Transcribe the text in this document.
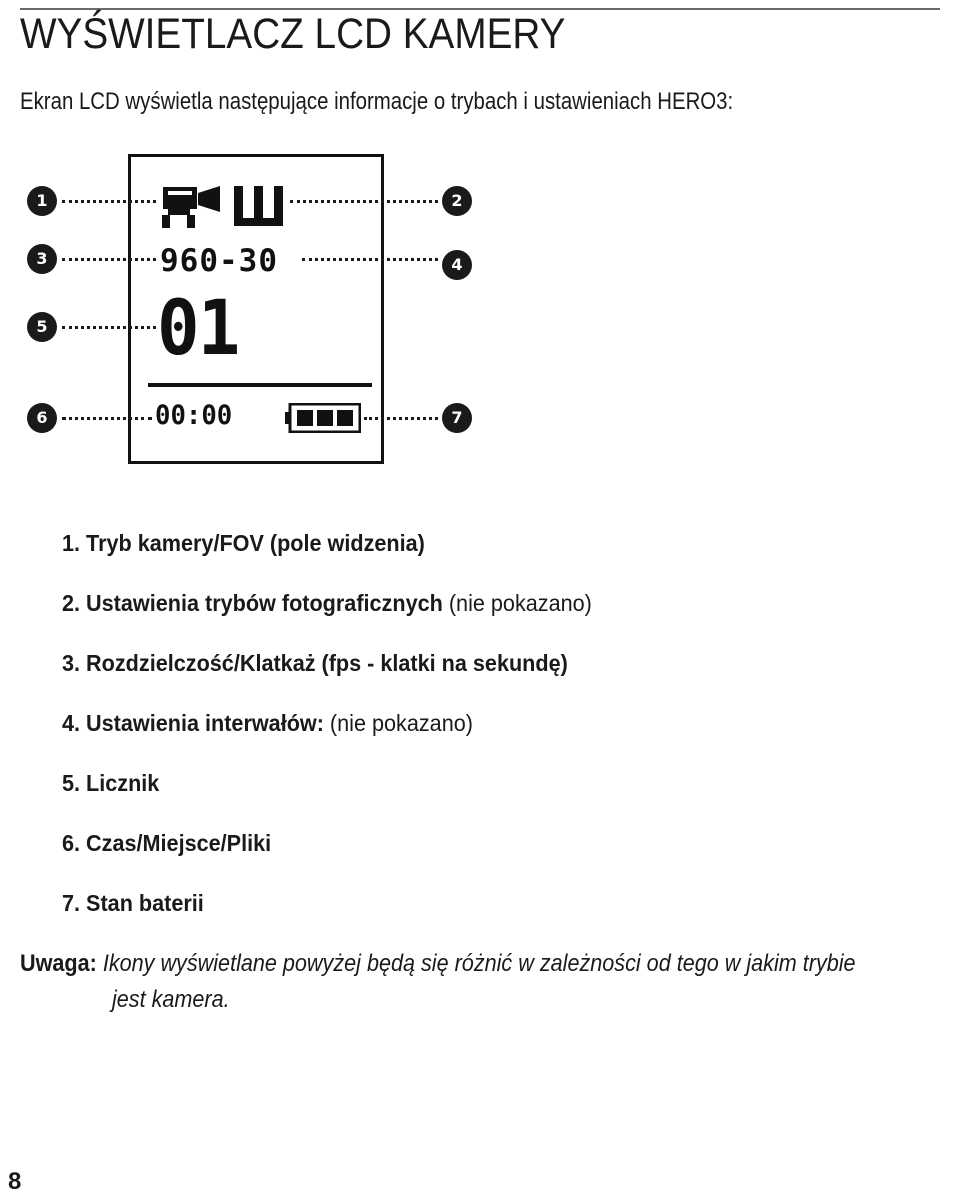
WYŚWIETLACZ LCD KAMERY

Ekran LCD wyświetla następujące informacje o trybach i ustawieniach HERO3:

960-30
01
00:00
1	2
3	4
5
6	7
1. Tryb kamery/FOV (pole widzenia)
2. Ustawienia trybów fotograficznych (nie pokazano)
3. Rozdzielczość/Klatkaż (fps - klatki na sekundę)
4. Ustawienia interwałów: (nie pokazano)
5. Licznik
6. Czas/Miejsce/Pliki
7. Stan baterii
Uwaga: Ikony wyświetlane powyżej będą się różnić w zależności od tego w jakim trybie
jest kamera.
8
